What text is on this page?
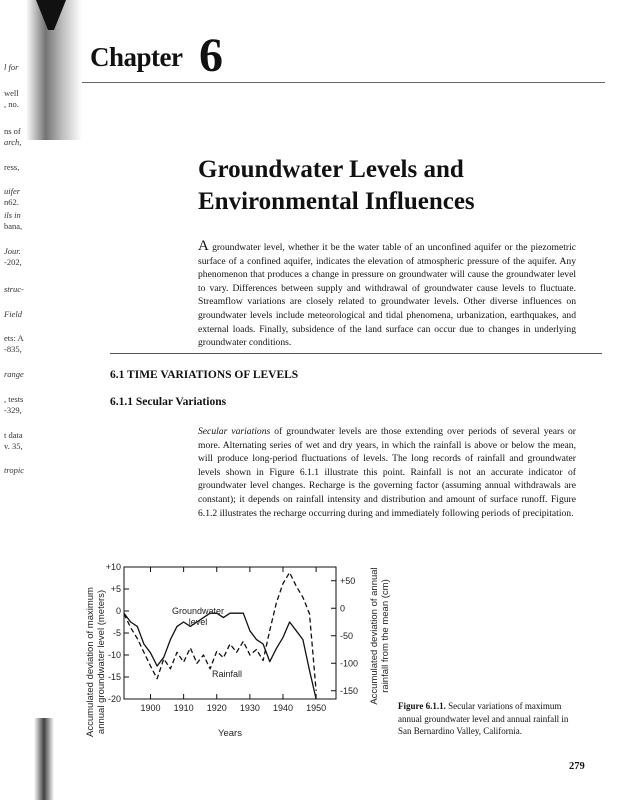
l for
well
, no.
ns of
arch,
ress,
uifer
n62.
ils in
bana,
Jour.
-202,
struc-
Field
ets: A
-835,
range
, tests
-329,
t data
v. 35,
tropic
Chapter 6
Groundwater Levels and
Environmental Influences
A groundwater level, whether it be the water table of an unconfined aquifer or the piezometric surface of a confined aquifer, indicates the elevation of atmospheric pressure of the aquifer. Any phenomenon that produces a change in pressure on groundwater will cause the groundwater level to vary. Differences between supply and withdrawal of groundwater cause levels to fluctuate. Streamflow variations are closely related to groundwater levels. Other diverse influences on groundwater levels include meteorological and tidal phenomena, urbanization, earthquakes, and external loads. Finally, subsidence of the land surface can occur due to changes in underlying groundwater conditions.
6.1 TIME VARIATIONS OF LEVELS
6.1.1 Secular Variations
Secular variations of groundwater levels are those extending over periods of several years or more. Alternating series of wet and dry years, in which the rainfall is above or below the mean, will produce long-period fluctuations of levels. The long records of rainfall and groundwater levels shown in Figure 6.1.1 illustrate this point. Rainfall is not an accurate indicator of groundwater level changes. Recharge is the governing factor (assuming annual withdrawals are constant); it depends on rainfall intensity and distribution and amount of surface runoff. Figure 6.1.2 illustrates the recharge occurring during and immediately following periods of precipitation.
Accumulated deviation of maximum annual groundwater level (meters)	Accumulated deviation of annual rainfall from the mean (cm)
+10
+5
0
-5
-10
-15
-20
+50
0
-50
-100
-150
1900 1910 1920 1930 1940 1950
Groundwater
level
Rainfall
Years
Figure 6.1.1. Secular variations of maximum annual groundwater level and annual rainfall in San Bernardino Valley, California.
279
